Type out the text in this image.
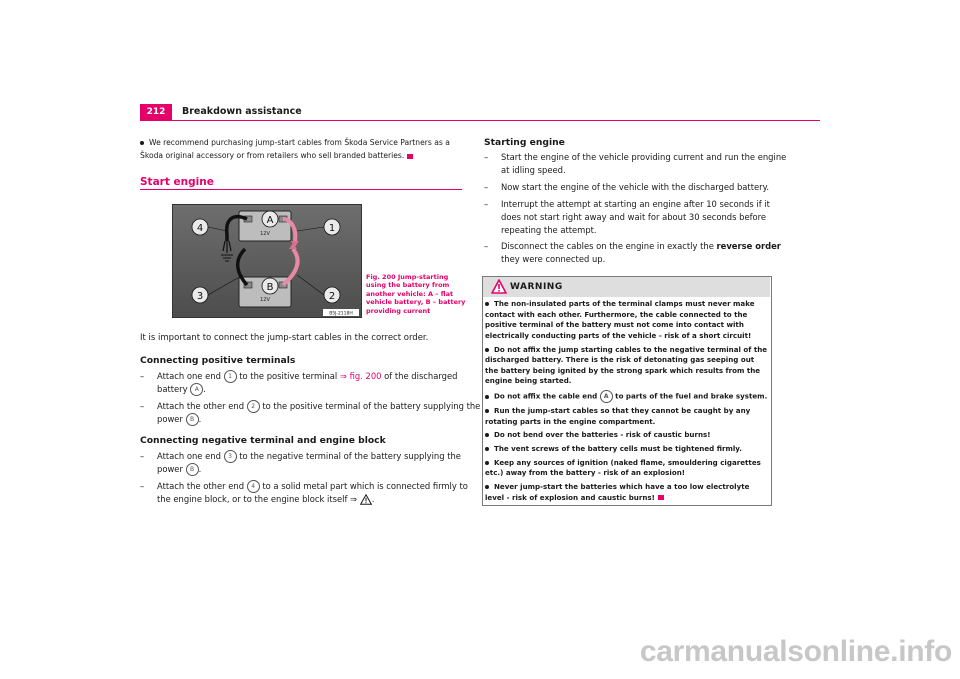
212	Breakdown assistance
We recommend purchasing jump-start cables from Škoda Service Partners as a Škoda original accessory or from retailers who sell branded batteries.
Start engine
12V
12V
4	1
3	2
A
B
B5J-2118H
Fig. 200 Jump-starting using the battery from another vehicle: A – flat vehicle battery, B – battery providing current
It is important to connect the jump-start cables in the correct order.
Connecting positive terminals
– Attach one end 1 to the positive terminal ⇒ fig. 200 of the discharged battery A .
– Attach the other end 2 to the positive terminal of the battery supplying the power B .
Connecting negative terminal and engine block
– Attach one end 3 to the negative terminal of the battery supplying the power B .
– Attach the other end 4 to a solid metal part which is connected firmly to the engine block, or to the engine block itself ⇒ .
Starting engine
– Start the engine of the vehicle providing current and run the engine at idling speed.
– Now start the engine of the vehicle with the discharged battery.
– Interrupt the attempt at starting an engine after 10 seconds if it does not start right away and wait for about 30 seconds before repeating the attempt.
– Disconnect the cables on the engine in exactly the reverse order they were connected up.
WARNING

The non-insulated parts of the terminal clamps must never make contact with each other. Furthermore, the cable connected to the positive terminal of the battery must not come into contact with electrically conducting parts of the vehicle - risk of a short circuit!

Do not affix the jump starting cables to the negative terminal of the discharged battery. There is the risk of detonating gas seeping out the battery being ignited by the strong spark which results from the engine being started.

Do not affix the cable end A to parts of the fuel and brake system.

Run the jump-start cables so that they cannot be caught by any rotating parts in the engine compartment.

Do not bend over the batteries - risk of caustic burns!

The vent screws of the battery cells must be tightened firmly.

Keep any sources of ignition (naked flame, smouldering cigarettes etc.) away from the battery - risk of an explosion!

Never jump-start the batteries which have a too low electrolyte level - risk of explosion and caustic burns!

carmanualsonline.info
